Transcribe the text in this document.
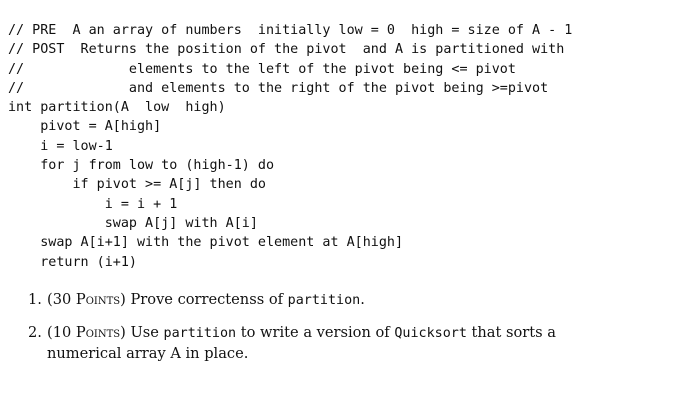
// PRE  A an array of numbers  initially low = 0  high = size of A - 1
// POST  Returns the position of the pivot  and A is partitioned with
//             elements to the left of the pivot being <= pivot
//             and elements to the right of the pivot being >=pivot
int partition(A  low  high)
pivot = A[high]
i = low-1
for j from low to (high-1) do
if pivot >= A[j] then do
i = i + 1
swap A[j] with A[i]
swap A[i+1] with the pivot element at A[high]
return (i+1)
1. (30 Points) Prove correctenss of partition.
2. (10 Points) Use partition to write a version of Quicksort that sorts a numerical array A in place.
